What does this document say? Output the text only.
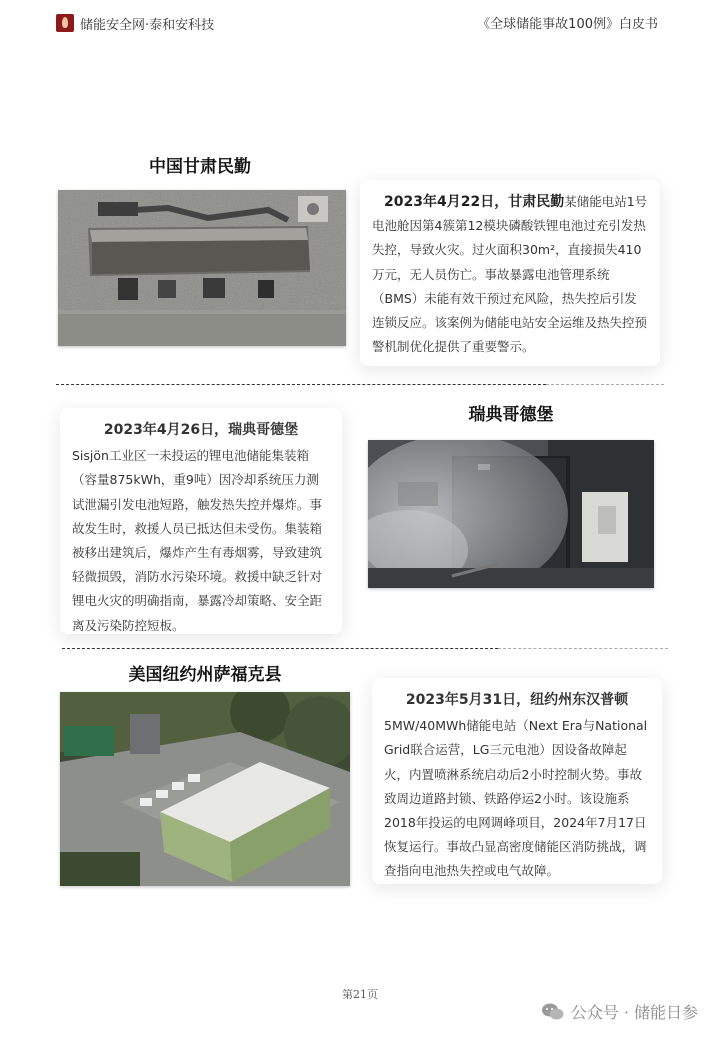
储能安全网·泰和安科技	《全球储能事故100例》白皮书
中国甘肃民勤
2023年4月22日，甘肃民勤某储能电站1号电池舱因第4簇第12模块磷酸铁锂电池过充引发热失控，导致火灾。过火面积30m²，直接损失410万元，无人员伤亡。事故暴露电池管理系统（BMS）未能有效干预过充风险，热失控后引发连锁反应。该案例为储能电站安全运维及热失控预警机制优化提供了重要警示。
2023年4月26日，瑞典哥德堡
Sisjön工业区一未投运的锂电池储能集装箱（容量875kWh，重9吨）因冷却系统压力测试泄漏引发电池短路，触发热失控并爆炸。事故发生时，救援人员已抵达但未受伤。集装箱被移出建筑后，爆炸产生有毒烟雾，导致建筑轻微损毁，消防水污染环境。救援中缺乏针对锂电火灾的明确指南，暴露冷却策略、安全距离及污染防控短板。
瑞典哥德堡
美国纽约州萨福克县
2023年5月31日，纽约州东汉普顿
5MW/40MWh储能电站（Next Era与National Grid联合运营，LG三元电池）因设备故障起火，内置喷淋系统启动后2小时控制火势。事故致周边道路封锁、铁路停运2小时。该设施系2018年投运的电网调峰项目，2024年7月17日恢复运行。事故凸显高密度储能区消防挑战，调查指向电池热失控或电气故障。
第21页
公众号 · 储能日参
